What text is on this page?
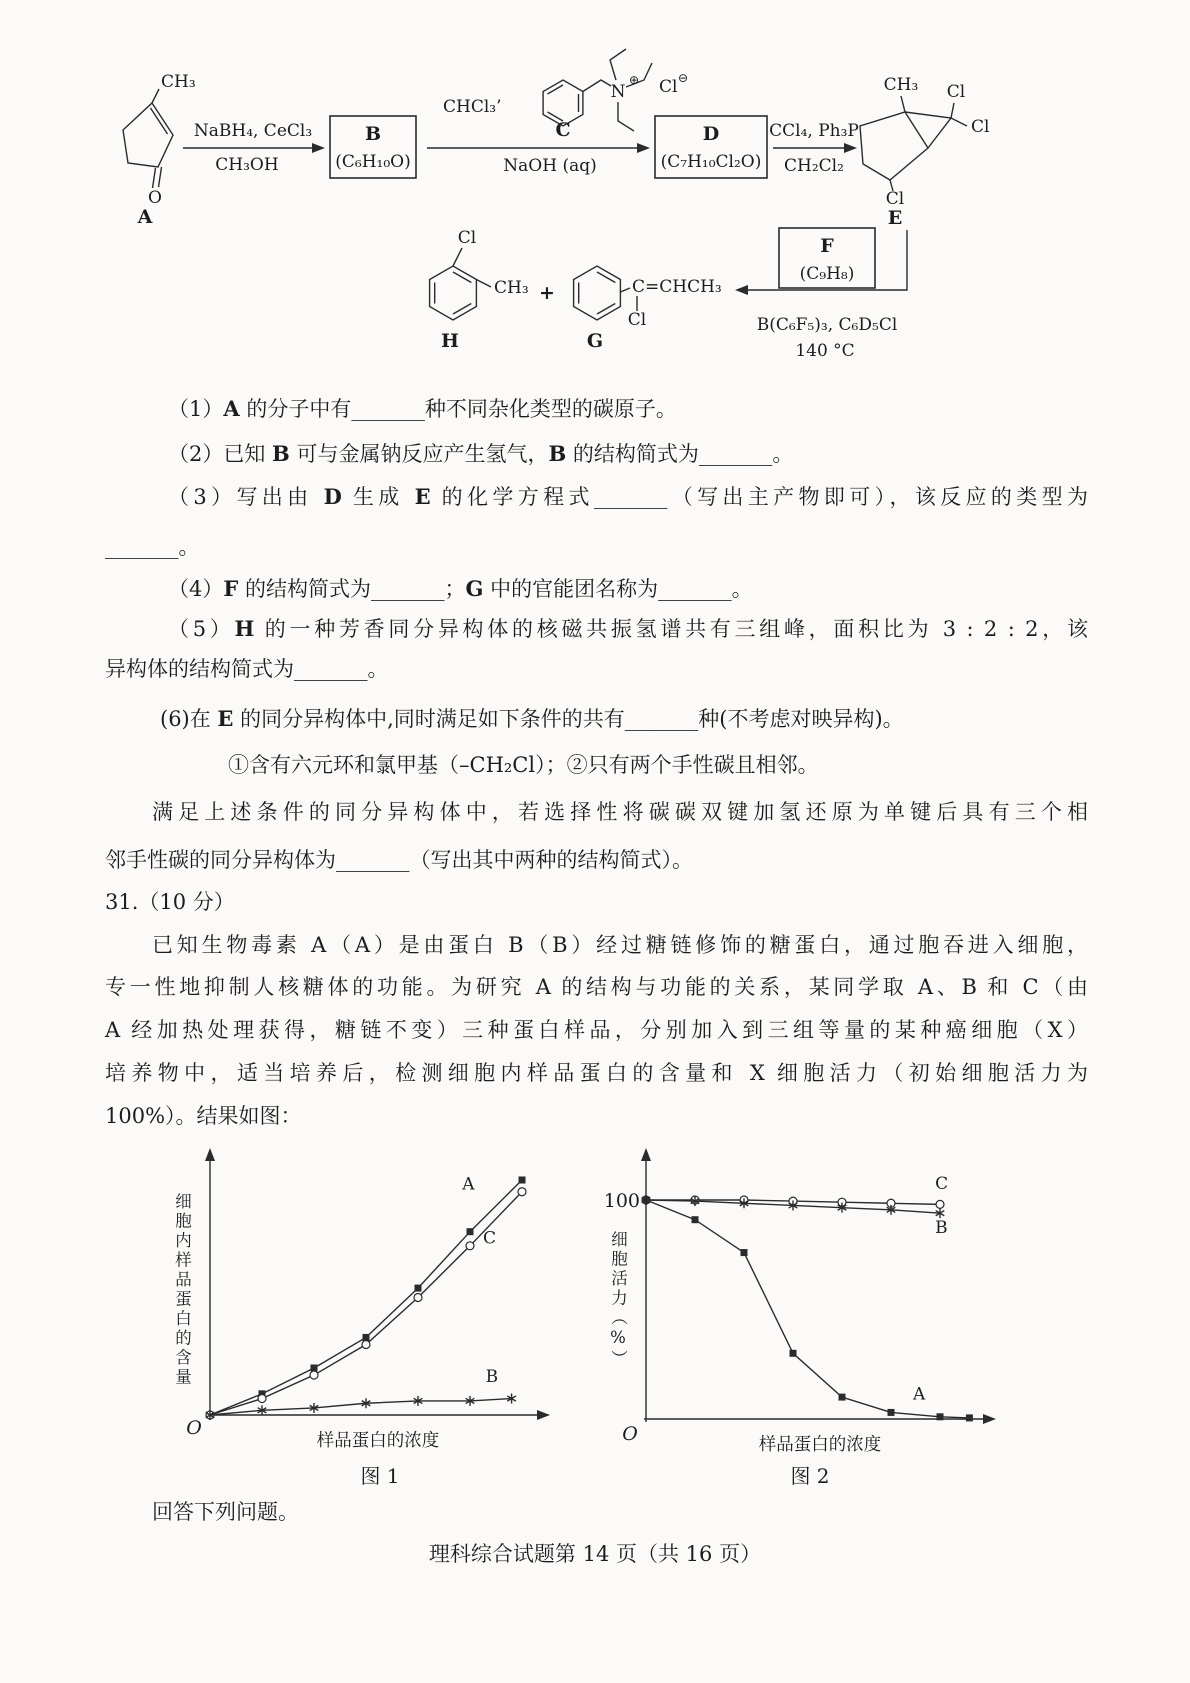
CH₃
O
A
NaBH₄, CeCl₃
CH₃OH
B
(C₆H₁₀O)
CHCl₃’
C
NaOH (aq)
N
⊕ Cl ⊖
D
(C₇H₁₀Cl₂O)
CCl₄, Ph₃P
CH₂Cl₂
CH₃ Cl
Cl
Cl
E
B(C₆F₅)₃, C₆D₅Cl
140 °C
F
(C₉H₈)
Cl
CH₃
H
+	C=CHCH₃
Cl
G
（1）A 的分子中有_______种不同杂化类型的碳原子。
（2）已知 B 可与金属钠反应产生氢气，B 的结构简式为_______。
（3）写出由 D 生成 E 的化学方程式_______（写出主产物即可），该反应的类型为
_______。
（4）F 的结构简式为_______；G 中的官能团名称为_______。
（5）H 的一种芳香同分异构体的核磁共振氢谱共有三组峰，面积比为 3 : 2 : 2，该
异构体的结构简式为_______。
(6)在 E 的同分异构体中,同时满足如下条件的共有_______种(不考虑对映异构)。
①含有六元环和氯甲基（–CH₂Cl）；②只有两个手性碳且相邻。
满足上述条件的同分异构体中，若选择性将碳碳双键加氢还原为单键后具有三个相
邻手性碳的同分异构体为_______（写出其中两种的结构简式）。
31.（10 分）
已知生物毒素 A（A）是由蛋白 B（B）经过糖链修饰的糖蛋白，通过胞吞进入细胞，
专一性地抑制人核糖体的功能。为研究 A 的结构与功能的关系，某同学取 A、B 和 C（由
A 经加热处理获得，糖链不变）三种蛋白样品，分别加入到三组等量的某种癌细胞（X）
培养物中，适当培养后，检测细胞内样品蛋白的含量和 X 细胞活力（初始细胞活力为
100%）。结果如图：
细胞内样品蛋白的含量
O
样品蛋白的浓度
A
C
B
图 1
100
细胞活力（%）
O	样品蛋白的浓度
C
B
A
图 2
回答下列问题。
理科综合试题第 14 页（共 16 页）
